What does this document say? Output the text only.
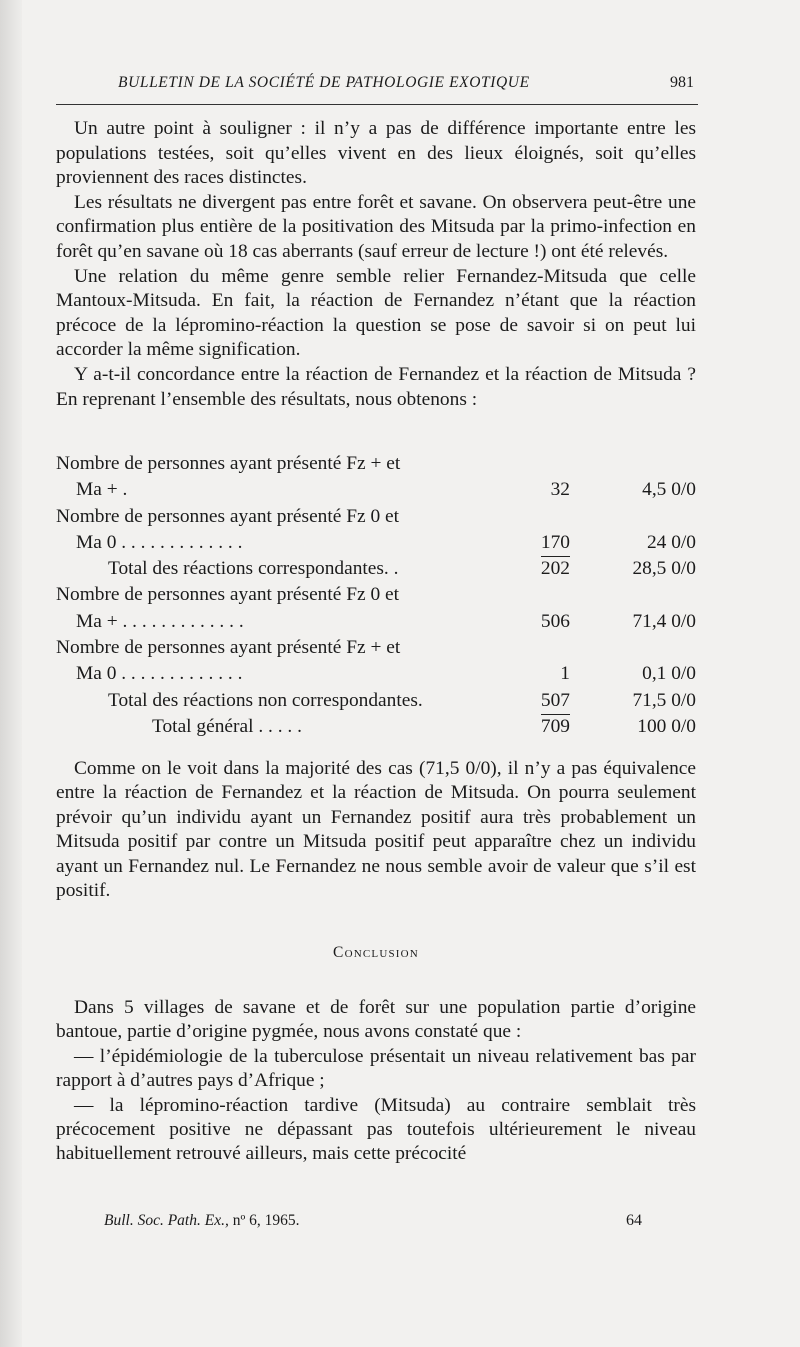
BULLETIN DE LA SOCIÉTÉ DE PATHOLOGIE EXOTIQUE	981

Un autre point à souligner : il n’y a pas de différence importante entre les populations testées, soit qu’elles vivent en des lieux éloignés, soit qu’elles proviennent des races distinctes.

Les résultats ne divergent pas entre forêt et savane. On observera peut-être une confirmation plus entière de la positivation des Mitsuda par la primo-infection en forêt qu’en savane où 18 cas aberrants (sauf erreur de lecture !) ont été relevés.

Une relation du même genre semble relier Fernandez-Mitsuda que celle Mantoux-Mitsuda. En fait, la réaction de Fernandez n’étant que la réaction précoce de la lépromino-réaction la question se pose de savoir si on peut lui accorder la même signification.

Y a-t-il concordance entre la réaction de Fernandez et la réaction de Mitsuda ? En reprenant l’ensemble des résultats, nous obtenons :

Nombre de personnes ayant présenté Fz + et
Ma + .	32	4,5 0/0
Nombre de personnes ayant présenté Fz 0 et
Ma 0 . . . . . . . . . . . . .	170	24 0/0
Total des réactions correspondantes. .	202	28,5 0/0
Nombre de personnes ayant présenté Fz 0 et
Ma + . . . . . . . . . . . . .	506	71,4 0/0
Nombre de personnes ayant présenté Fz + et
Ma 0 . . . . . . . . . . . . .	1	0,1 0/0
Total des réactions non correspondantes.	507	71,5 0/0
Total général . . . . .	709	100 0/0

Comme on le voit dans la majorité des cas (71,5 0/0), il n’y a pas équivalence entre la réaction de Fernandez et la réaction de Mitsuda. On pourra seulement prévoir qu’un individu ayant un Fernandez positif aura très probablement un Mitsuda positif par contre un Mitsuda positif peut apparaître chez un individu ayant un Fernandez nul. Le Fernandez ne nous semble avoir de valeur que s’il est positif.

Conclusion

Dans 5 villages de savane et de forêt sur une population partie d’origine bantoue, partie d’origine pygmée, nous avons constaté que :

— l’épidémiologie de la tuberculose présentait un niveau relativement bas par rapport à d’autres pays d’Afrique ;

— la lépromino-réaction tardive (Mitsuda) au contraire semblait très précocement positive ne dépassant pas toutefois ultérieurement le niveau habituellement retrouvé ailleurs, mais cette précocité

Bull. Soc. Path. Ex., nº 6, 1965.	64
